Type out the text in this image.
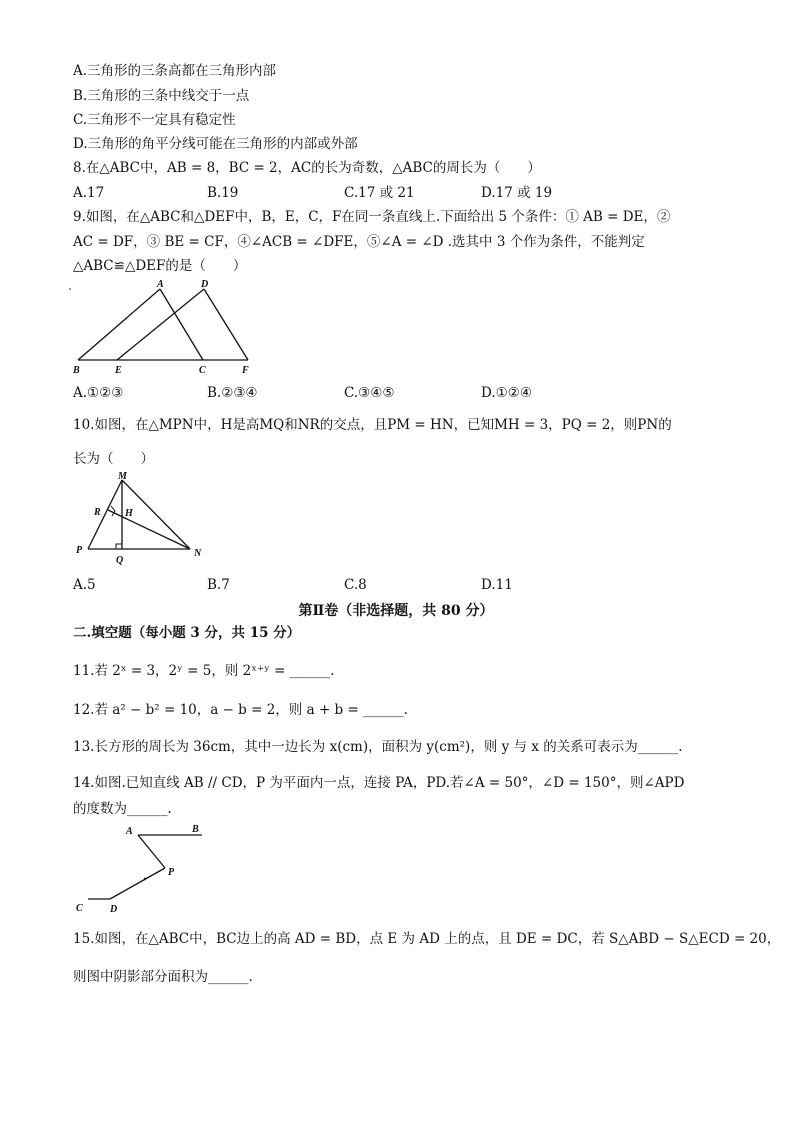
A.三角形的三条高都在三角形内部
B.三角形的三条中线交于一点
C.三角形不一定具有稳定性
D.三角形的角平分线可能在三角形的内部或外部
8.在△ABC中，AB = 8，BC = 2，AC的长为奇数，△ABC的周长为（　　）
A.17	B.19	C.17 或 21	D.17 或 19
9.如图，在△ABC和△DEF中，B，E，C，F在同一条直线上.下面给出 5 个条件：① AB = DE，②
AC = DF，③ BE = CF，④∠ACB = ∠DFE，⑤∠A = ∠D .选其中 3 个作为条件，不能判定
△ABC≌△DEF的是（　　）
A	D
B	E	C	F
A.①②③	B.②③④	C.③④⑤	D.①②④
10.如图，在△MPN中，H是高MQ和NR的交点，且PM = HN，已知MH = 3，PQ = 2，则PN的
长为（　　）
M
R H
P
Q
N
A.5	B.7	C.8	D.11
第Ⅱ卷（非选择题，共 80 分）
二.填空题（每小题 3 分，共 15 分）
11.若 2ˣ = 3，2ʸ = 5，则 2ˣ⁺ʸ = ______.
12.若 a² − b² = 10，a − b = 2，则 a + b = ______.
13.长方形的周长为 36cm，其中一边长为 x(cm)，面积为 y(cm²)，则 y 与 x 的关系可表示为______.
14.如图.已知直线 AB // CD，P 为平面内一点，连接 PA，PD.若∠A = 50°，∠D = 150°，则∠APD
的度数为______.
A	B
P
C	D
15.如图，在△ABC中，BC边上的高 AD = BD，点 E 为 AD 上的点，且 DE = DC，若 S△ABD − S△ECD = 20，
则图中阴影部分面积为______.
